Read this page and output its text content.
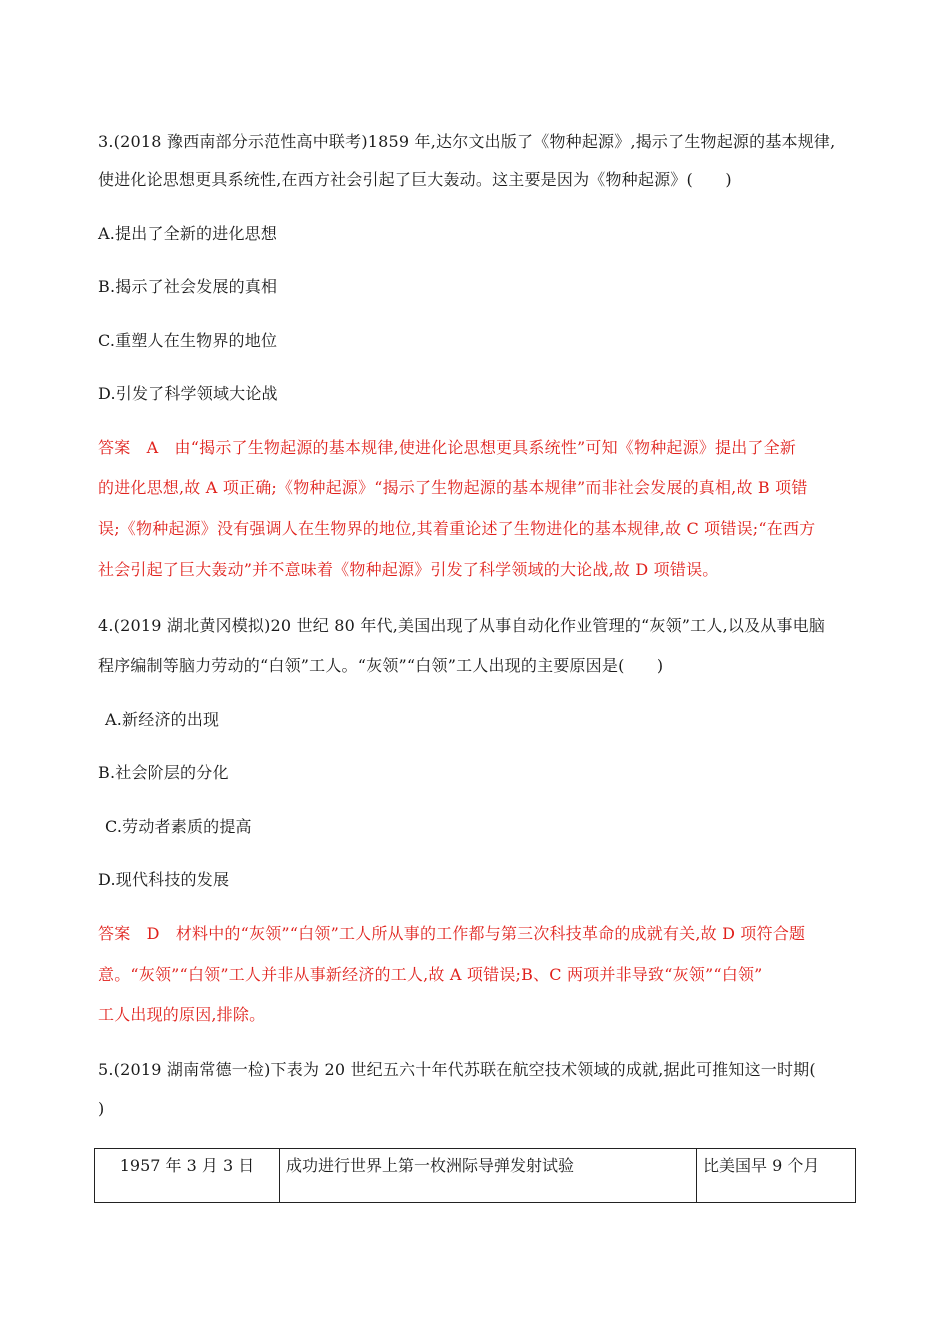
3.(2018 豫西南部分示范性高中联考)1859 年,达尔文出版了《物种起源》,揭示了生物起源的基本规律,
使进化论思想更具系统性,在西方社会引起了巨大轰动。这主要是因为《物种起源》(　　)
A.提出了全新的进化思想
B.揭示了社会发展的真相
C.重塑人在生物界的地位
D.引发了科学领域大论战
答案　A　由“揭示了生物起源的基本规律,使进化论思想更具系统性”可知《物种起源》提出了全新
的进化思想,故 A 项正确;《物种起源》“揭示了生物起源的基本规律”而非社会发展的真相,故 B 项错
误;《物种起源》没有强调人在生物界的地位,其着重论述了生物进化的基本规律,故 C 项错误;“在西方
社会引起了巨大轰动”并不意味着《物种起源》引发了科学领域的大论战,故 D 项错误。
4.(2019 湖北黄冈模拟)20 世纪 80 年代,美国出现了从事自动化作业管理的“灰领”工人,以及从事电脑
程序编制等脑力劳动的“白领”工人。“灰领”“白领”工人出现的主要原因是(　　)
A.新经济的出现
B.社会阶层的分化
C.劳动者素质的提高
D.现代科技的发展
答案　D　材料中的“灰领”“白领”工人所从事的工作都与第三次科技革命的成就有关,故 D 项符合题
意。“灰领”“白领”工人并非从事新经济的工人,故 A 项错误;B、C 两项并非导致“灰领”“白领”
工人出现的原因,排除。
5.(2019 湖南常德一检)下表为 20 世纪五六十年代苏联在航空技术领域的成就,据此可推知这一时期(
)
1957 年 3 月 3 日	成功进行世界上第一枚洲际导弹发射试验	比美国早 9 个月
